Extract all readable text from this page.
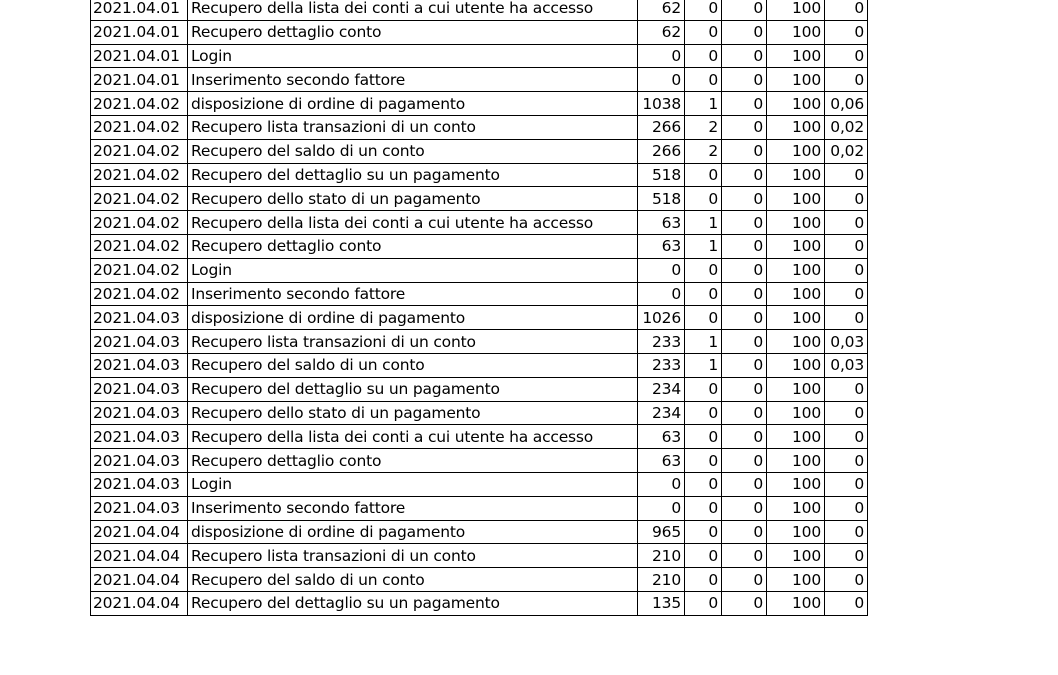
2021.04.01	Recupero della lista dei conti a cui utente ha accesso	62	0	0	100	0
2021.04.01	Recupero dettaglio conto	62	0	0	100	0
2021.04.01	Login	0	0	0	100	0
2021.04.01	Inserimento secondo fattore	0	0	0	100	0
2021.04.02	disposizione di ordine di pagamento	1038	1	0	100	0,06
2021.04.02	Recupero lista transazioni di un conto	266	2	0	100	0,02
2021.04.02	Recupero del saldo di un conto	266	2	0	100	0,02
2021.04.02	Recupero del dettaglio su un pagamento	518	0	0	100	0
2021.04.02	Recupero dello stato di un pagamento	518	0	0	100	0
2021.04.02	Recupero della lista dei conti a cui utente ha accesso	63	1	0	100	0
2021.04.02	Recupero dettaglio conto	63	1	0	100	0
2021.04.02	Login	0	0	0	100	0
2021.04.02	Inserimento secondo fattore	0	0	0	100	0
2021.04.03	disposizione di ordine di pagamento	1026	0	0	100	0
2021.04.03	Recupero lista transazioni di un conto	233	1	0	100	0,03
2021.04.03	Recupero del saldo di un conto	233	1	0	100	0,03
2021.04.03	Recupero del dettaglio su un pagamento	234	0	0	100	0
2021.04.03	Recupero dello stato di un pagamento	234	0	0	100	0
2021.04.03	Recupero della lista dei conti a cui utente ha accesso	63	0	0	100	0
2021.04.03	Recupero dettaglio conto	63	0	0	100	0
2021.04.03	Login	0	0	0	100	0
2021.04.03	Inserimento secondo fattore	0	0	0	100	0
2021.04.04	disposizione di ordine di pagamento	965	0	0	100	0
2021.04.04	Recupero lista transazioni di un conto	210	0	0	100	0
2021.04.04	Recupero del saldo di un conto	210	0	0	100	0
2021.04.04	Recupero del dettaglio su un pagamento	135	0	0	100	0
